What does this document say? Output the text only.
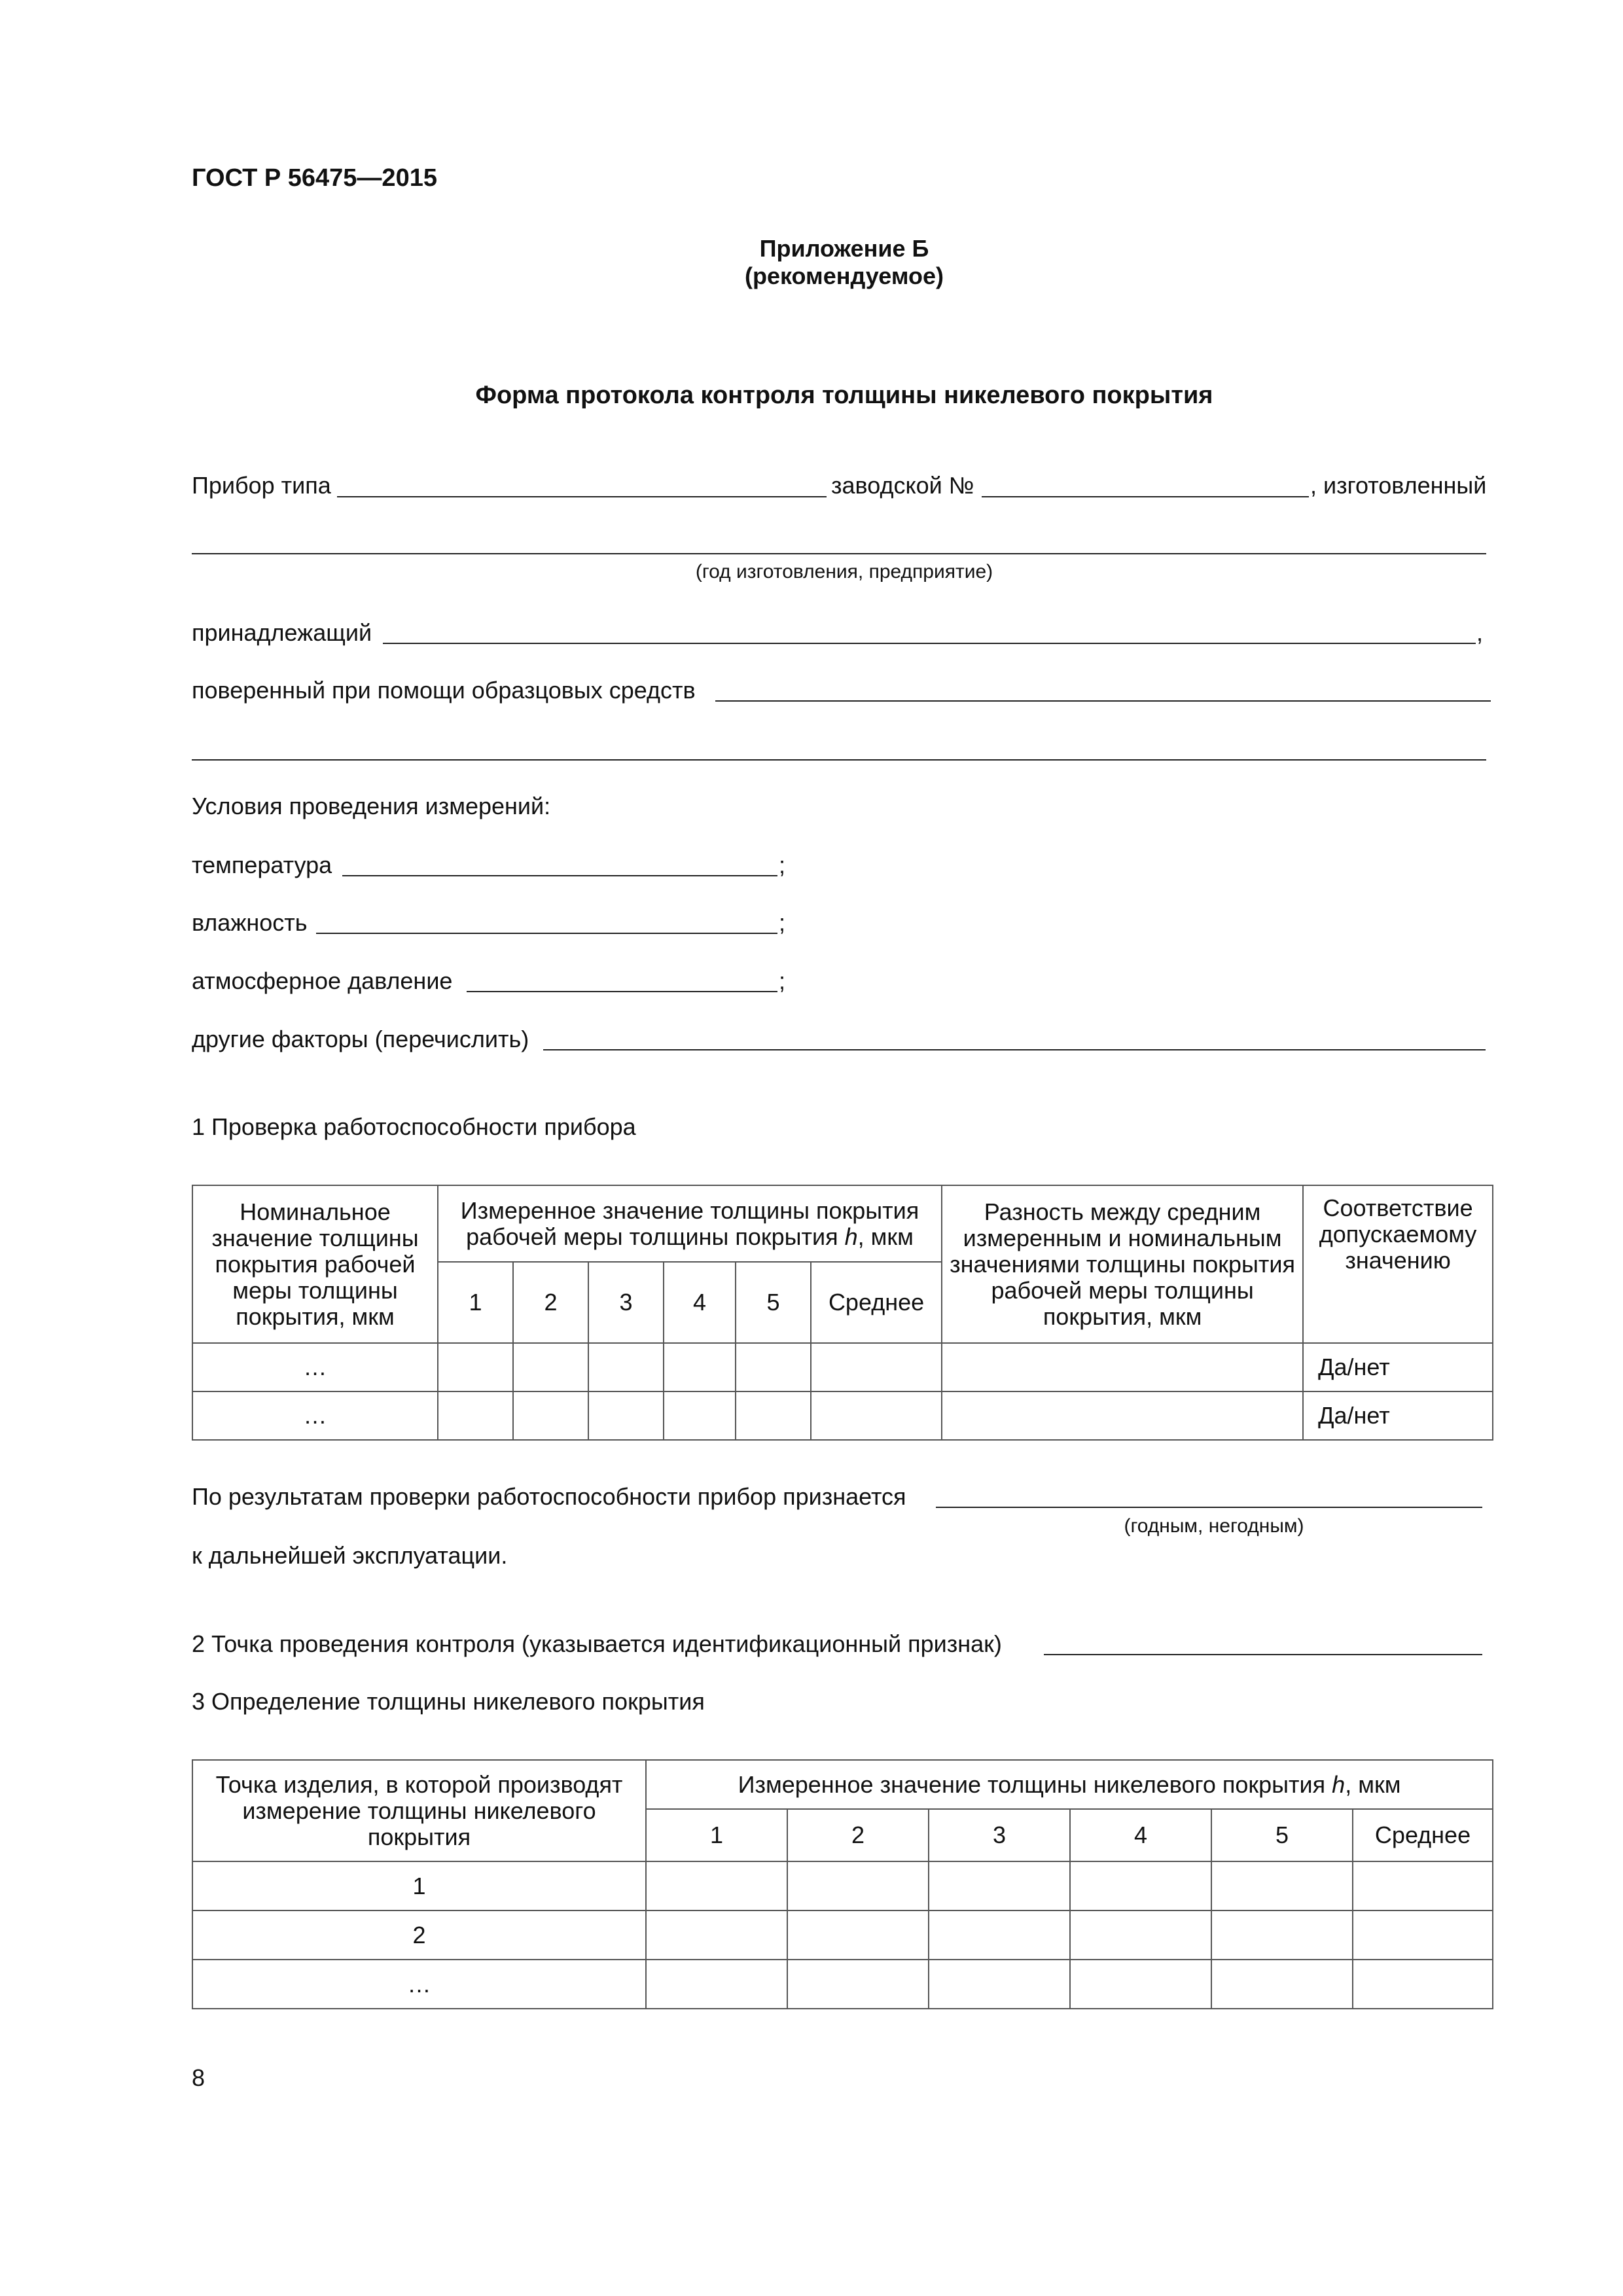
ГОСТ Р 56475—2015
Приложение Б
(рекомендуемое)
Форма протокола контроля толщины никелевого покрытия
Прибор типа	заводской №	, изготовленный
(год изготовления, предприятие)
принадлежащий	,
поверенный при помощи образцовых средств
Условия проведения измерений:
температура	;
влажность	;
атмосферное давление	;
другие факторы (перечислить)
1 Проверка работоспособности прибора
Номинальное значение толщины покрытия рабочей меры толщины покрытия, мкм	Измеренное значение толщины покрытия рабочей меры толщины покрытия h, мкм						Разность между средним измеренным и номинальным значениями толщины покрытия рабочей меры толщины покрытия, мкм	Соответствие допускаемому значению
	1	2	3	4	5	Среднее		
…								Да/нет
…								Да/нет
По результатам проверки работоспособности прибор признается
(годным, негодным)
к дальнейшей эксплуатации.
2 Точка проведения контроля (указывается идентификационный признак)
3 Определение толщины никелевого покрытия
Точка изделия, в которой производят измерение толщины никелевого покрытия	Измеренное значение толщины никелевого покрытия h, мкм					
	1	2	3	4	5	Среднее
1						
2						
…						
8
